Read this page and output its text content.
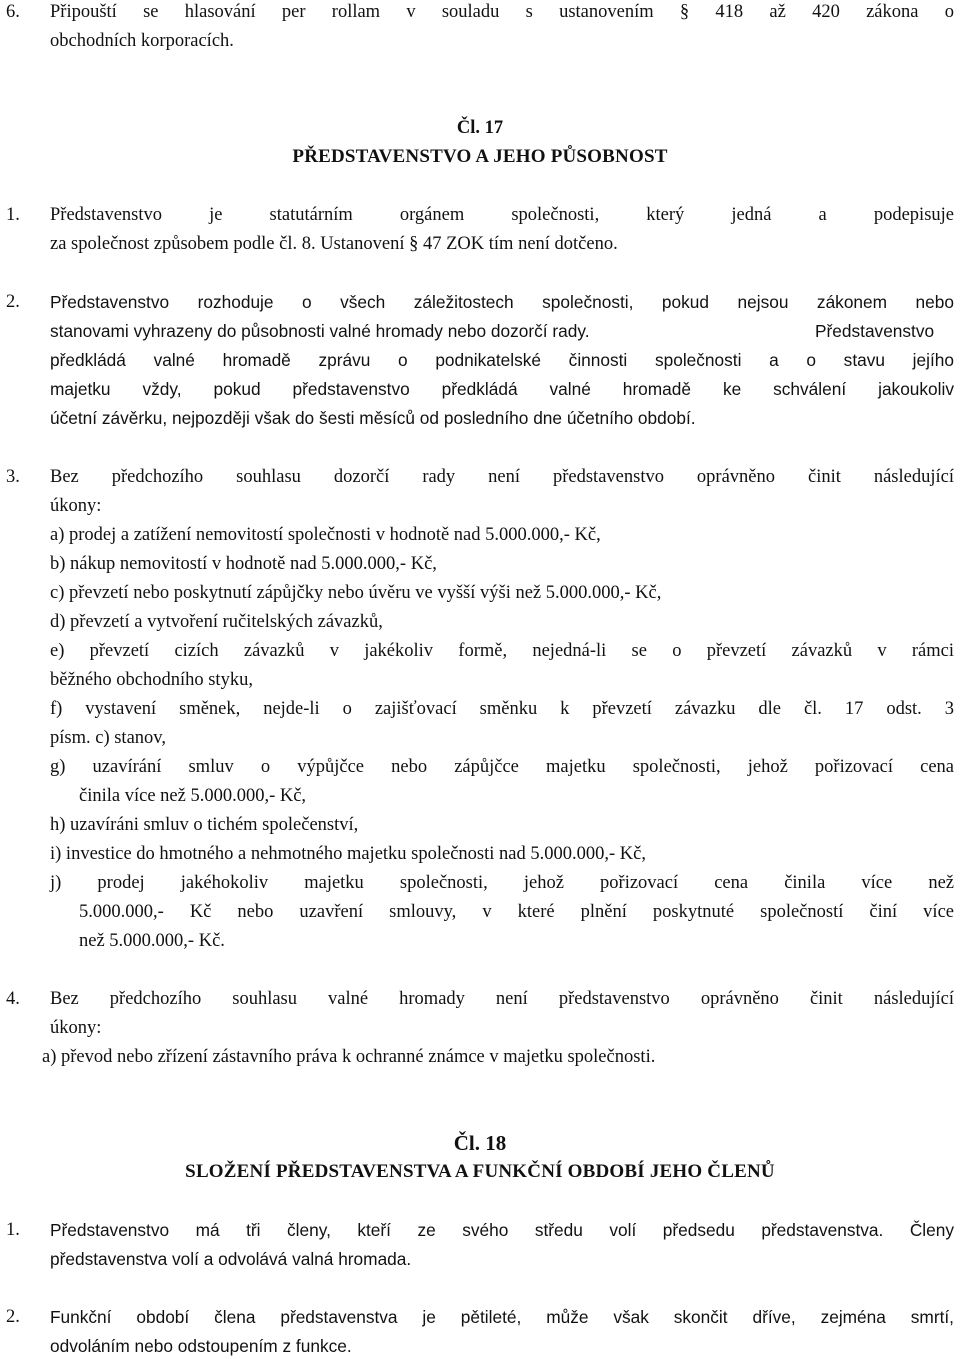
6. Připouští se hlasování per rollam v souladu s ustanovením § 418 až 420 zákona o
obchodních korporacích.
Čl. 17
PŘEDSTAVENSTVO A JEHO PŮSOBNOST
1. Představenstvo je statutárním orgánem společnosti, který jedná a podepisuje
za společnost způsobem podle čl. 8. Ustanovení § 47 ZOK tím není dotčeno.
2. Představenstvo rozhoduje o všech záležitostech společnosti, pokud nejsou zákonem nebo
stanovami vyhrazeny do působnosti valné hromady nebo dozorčí rady.	Představenstvo
předkládá valné hromadě zprávu o podnikatelské činnosti společnosti a o stavu jejího
majetku vždy, pokud představenstvo předkládá valné hromadě ke schválení jakoukoliv
účetní závěrku, nejpozději však do šesti měsíců od posledního dne účetního období.
3. Bez předchozího souhlasu dozorčí rady není představenstvo oprávněno činit následující
úkony:
a) prodej a zatížení nemovitostí společnosti v hodnotě nad 5.000.000,- Kč,
b) nákup nemovitostí v hodnotě nad 5.000.000,- Kč,
c) převzetí nebo poskytnutí zápůjčky nebo úvěru ve vyšší výši než 5.000.000,- Kč,
d) převzetí a vytvoření ručitelských závazků,
e) převzetí cizích závazků v jakékoliv formě, nejedná-li se o převzetí závazků v rámci
běžného obchodního styku,
f) vystavení směnek, nejde-li o zajišťovací směnku k převzetí závazku dle čl. 17 odst. 3
písm. c) stanov,
g) uzavírání smluv o výpůjčce nebo zápůjčce majetku společnosti, jehož pořizovací cena
činila více než 5.000.000,- Kč,
h) uzavíráni smluv o tichém společenství,
i) investice do hmotného a nehmotného majetku společnosti nad 5.000.000,- Kč,
j) prodej jakéhokoliv majetku společnosti, jehož pořizovací cena činila více než
5.000.000,- Kč nebo uzavření smlouvy, v které plnění poskytnuté společností činí více
než 5.000.000,- Kč.
4. Bez předchozího souhlasu valné hromady není představenstvo oprávněno činit následující
úkony:
a) převod nebo zřízení zástavního práva k ochranné známce v majetku společnosti.
Čl. 18
SLOŽENÍ PŘEDSTAVENSTVA A FUNKČNÍ OBDOBÍ JEHO ČLENŮ
1. Představenstvo má tři členy, kteří ze svého středu volí předsedu představenstva. Členy
představenstva volí a odvolává valná hromada.
2. Funkční období člena představenstva je pětileté, může však skončit dříve, zejména smrtí,
odvoláním nebo odstoupením z funkce.
